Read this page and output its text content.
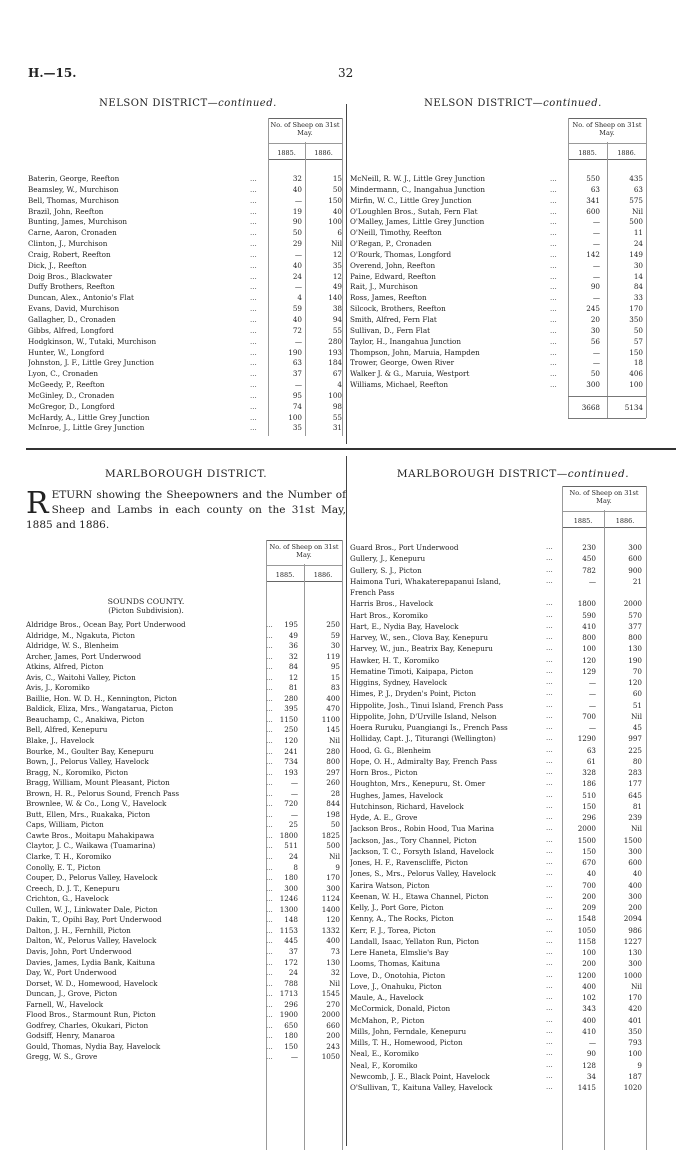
H.—15.	32
NELSON DISTRICT—continued.
No. of Sheep on 31st May.
1885.	1886.
Baterin, George, Reefton	...	32	15
Beamsley, W., Murchison	...	40	50
Bell, Thomas, Murchison	...	—	150
Brazil, John, Reefton	...	19	40
Bunting, James, Murchison	...	90	100
Carne, Aaron, Cronaden	...	50	6
Clinton, J., Murchison	...	29	Nil
Craig, Robert, Reefton	...	—	12
Dick, J., Reefton	...	40	35
Doig Bros., Blackwater	...	24	12
Duffy Brothers, Reefton	...	—	49
Duncan, Alex., Antonio's Flat	...	4	140
Evans, David, Murchison	...	59	38
Gallagher, D., Cronaden	...	40	94
Gibbs, Alfred, Longford	...	72	55
Hodgkinson, W., Tutaki, Murchison	...	—	280
Hunter, W., Longford	...	190	193
Johnston, J. F., Little Grey Junction	...	63	184
Lyon, C., Cronaden	...	37	67
McGeedy, P., Reefton	...	—	4
McGinley, D., Cronaden	...	95	100
McGregor, D., Longford	...	74	98
McHardy, A., Little Grey Junction	...	100	55
McInroe, J., Little Grey Junction	...	35	31
NELSON DISTRICT—continued.
No. of Sheep on 31st May.
1885.	1886.
McNeill, R. W. J., Little Grey Junction	...	550	435
Mindermann, C., Inangahua Junction	...	63	63
Mirfin, W. C., Little Grey Junction	...	341	575
O'Loughlen Bros., Sutah, Fern Flat	...	600	Nil
O'Malley, James, Little Grey Junction	...	—	500
O'Neill, Timothy, Reefton	...	—	11
O'Regan, P., Cronaden	...	—	24
O'Rourk, Thomas, Longford	...	142	149
Overend, John, Reefton	...	—	30
Paine, Edward, Reefton	...	—	14
Rait, J., Murchison	...	90	84
Ross, James, Reefton	...	—	33
Silcock, Brothers, Reefton	...	245	170
Smith, Alfred, Fern Flat	...	20	350
Sullivan, D., Fern Flat	...	30	50
Taylor, H., Inangahua Junction	...	56	57
Thompson, John, Maruia, Hampden	...	—	150
Trower, George, Owen River	...	—	18
Walker J. & G., Maruia, Westport	...	50	406
Williams, Michael, Reefton	...	300	100
3668	5134
MARLBOROUGH DISTRICT.
RETURN showing the Sheepowners and the Number of Sheep and Lambs in each county on the 31st May, 1885 and 1886.
No. of Sheep on 31st May.
1885.	1886.
SOUNDS COUNTY.
(Picton Subdivision).
Aldridge Bros., Ocean Bay, Port Underwood	...	195	250
Aldridge, M., Ngakuta, Picton	...	49	59
Aldridge, W. S., Blenheim	...	36	30
Archer, James, Port Underwood	...	32	119
Atkins, Alfred, Picton	...	84	95
Avis, C., Waitohi Valley, Picton	...	12	15
Avis, J., Koromiko	...	81	83
Baillie, Hon. W. D. H., Kennington, Picton	...	280	400
Baldick, Eliza, Mrs., Wangatarua, Picton	...	395	470
Beauchamp, C., Anakiwa, Picton	... 1150	1100
Bell, Alfred, Kenepuru	...	250	145
Blake, J., Havelock	...	120	Nil
Bourke, M., Goulter Bay, Kenepuru	...	241	280
Bown, J., Pelorus Valley, Havelock	...	734	800
Bragg, N., Koromiko, Picton	...	193	297
Bragg, William, Mount Pleasant, Picton	...	—	260
Brown, H. R., Pelorus Sound, French Pass	...	—	28
Brownlee, W. & Co., Long V., Havelock	...	720	844
Butt, Ellen, Mrs., Ruakaka, Picton	...	—	198
Caps, William, Picton	...	25	50
Cawte Bros., Moitapu Mahakipawa	... 1800	1825
Claytor, J. C., Waikawa (Tuamarina)	...	511	500
Clarke, T. H., Koromiko	...	24	Nil
Conolly, E. T., Picton	...	8	9
Couper, D., Pelorus Valley, Havelock	...	180	170
Creech, D. J. T., Kenepuru	...	300	300
Crichton, G., Havelock	... 1246	1124
Cullen, W. J., Linkwater Dale, Picton	... 1300	1400
Dakin, T., Opihi Bay, Port Underwood	...	148	120
Dalton, J. H., Fernhill, Picton	... 1153	1332
Dalton, W., Pelorus Valley, Havelock	...	445	400
Davis, John, Port Underwood	...	37	73
Davies, James, Lydia Bank, Kaituna	...	172	130
Day, W., Port Underwood	...	24	32
Dorset, W. D., Homewood, Havelock	...	788	Nil
Duncan, J., Grove, Picton	... 1713	1545
Farnell, W., Havelock	...	296	270
Flood Bros., Starmount Run, Picton	... 1900	2000
Godfrey, Charles, Okukari, Picton	...	650	660
Godsiff, Henry, Manaroa	...	180	200
Gould, Thomas, Nydia Bay, Havelock	...	150	243
Gregg, W. S., Grove	...	—	1050
MARLBOROUGH DISTRICT—continued.
No. of Sheep on 31st May.
1885.	1886.
Guard Bros., Port Underwood	...	230	300
Gullery, J., Kenepuru	...	450	600
Gullery, S. J., Picton	...	782	900
Haimona Turi, Whakaterepapanui Island,	...	—	21
French Pass
Harris Bros., Havelock	...	1800	2000
Hart Bros., Koromiko	...	590	570
Hart, E., Nydia Bay, Havelock	...	410	377
Harvey, W., sen., Clova Bay, Kenepuru	...	800	800
Harvey, W., jun., Beatrix Bay, Kenepuru	...	100	130
Hawker, H. T., Koromiko	...	120	190
Hematine Timoti, Kaipapa, Picton	...	129	70
Higgins, Sydney, Havelock	...	—	120
Himes, P. J., Dryden's Point, Picton	...	—	60
Hippolite, Josh., Tinui Island, French Pass	...	—	51
Hippolite, John, D'Urville Island, Nelson	...	700	Nil
Hoera Ruruku, Puangiangi Is., French Pass	...	—	45
Holliday, Capt. J., Titurangi (Wellington)	...	1290	997
Hood, G. G., Blenheim	...	63	225
Hope, O. H., Admiralty Bay, French Pass	...	61	80
Horn Bros., Picton	...	328	283
Houghton, Mrs., Kenepuru, St. Omer	...	186	177
Hughes, James, Havelock	...	510	645
Hutchinson, Richard, Havelock	...	150	81
Hyde, A. E., Grove	...	296	239
Jackson Bros., Robin Hood, Tua Marina	...	2000	Nil
Jackson, Jas., Tory Channel, Picton	...	1500	1500
Jackson, T. C., Forsyth Island, Havelock	...	150	300
Jones, H. F., Ravenscliffe, Picton	...	670	600
Jones, S., Mrs., Pelorus Valley, Havelock	...	40	40
Karira Watson, Picton	...	700	400
Keenan, W. H., Etawa Channel, Picton	...	200	300
Kelly, J., Port Gore, Picton	...	209	200
Kenny, A., The Rocks, Picton	...	1548	2094
Kerr, F. J., Torea, Picton	...	1050	986
Landall, Isaac, Yellaton Run, Picton	...	1158	1227
Lere Haneta, Elmslie's Bay	...	100	130
Looms, Thomas, Kaituna	...	200	300
Love, D., Onotohia, Picton	...	1200	1000
Love, J., Onahuku, Picton	...	400	Nil
Maule, A., Havelock	...	102	170
McCormick, Donald, Picton	...	343	420
McMahon, P., Picton	...	400	401
Mills, John, Ferndale, Kenepuru	...	410	350
Mills, T. H., Homewood, Picton	...	—	793
Neal, E., Koromiko	...	90	100
Neal, F., Koromiko	...	128	9
Newcomb, J. E., Black Point, Havelock	...	34	187
O'Sullivan, T., Kaituna Valley, Havelock	...	1415	1020
